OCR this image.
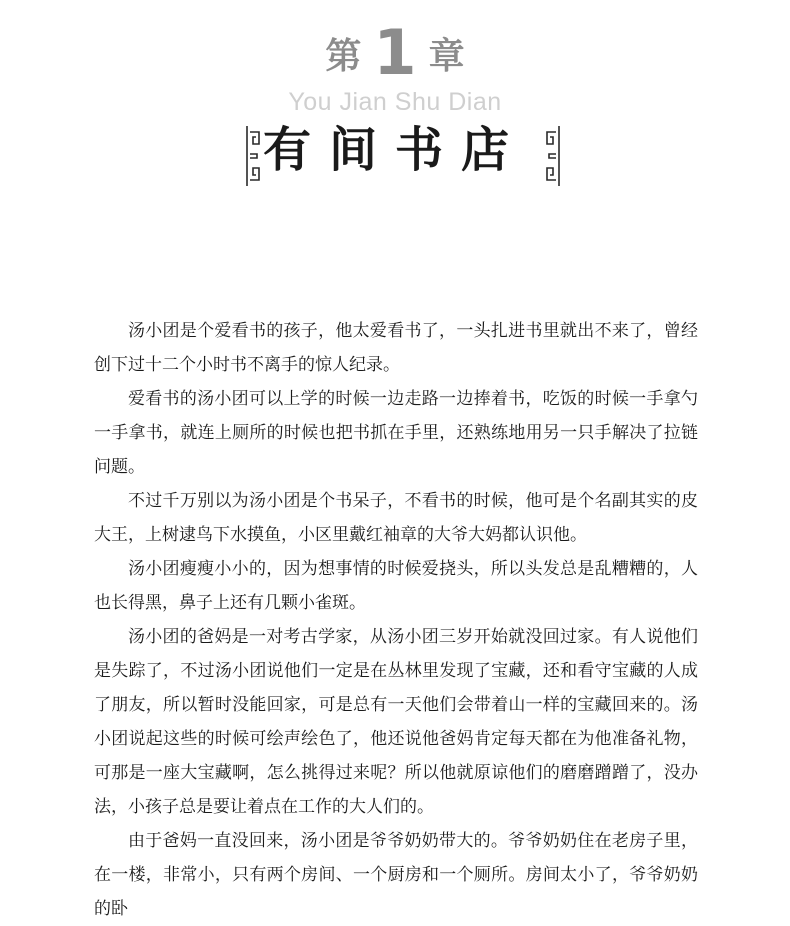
第 1 章
You Jian Shu Dian
有间书店

汤小团是个爱看书的孩子，他太爱看书了，一头扎进书里就出不来了，曾经创下过十二个小时书不离手的惊人纪录。

爱看书的汤小团可以上学的时候一边走路一边捧着书，吃饭的时候一手拿勺一手拿书，就连上厕所的时候也把书抓在手里，还熟练地用另一只手解决了拉链问题。

不过千万别以为汤小团是个书呆子，不看书的时候，他可是个名副其实的皮大王，上树逮鸟下水摸鱼，小区里戴红袖章的大爷大妈都认识他。

汤小团瘦瘦小小的，因为想事情的时候爱挠头，所以头发总是乱糟糟的，人也长得黑，鼻子上还有几颗小雀斑。

汤小团的爸妈是一对考古学家，从汤小团三岁开始就没回过家。有人说他们是失踪了，不过汤小团说他们一定是在丛林里发现了宝藏，还和看守宝藏的人成了朋友，所以暂时没能回家，可是总有一天他们会带着山一样的宝藏回来的。汤小团说起这些的时候可绘声绘色了，他还说他爸妈肯定每天都在为他准备礼物，可那是一座大宝藏啊，怎么挑得过来呢？所以他就原谅他们的磨磨蹭蹭了，没办法，小孩子总是要让着点在工作的大人们的。

由于爸妈一直没回来，汤小团是爷爷奶奶带大的。爷爷奶奶住在老房子里，在一楼，非常小，只有两个房间、一个厨房和一个厕所。房间太小了，爷爷奶奶的卧
